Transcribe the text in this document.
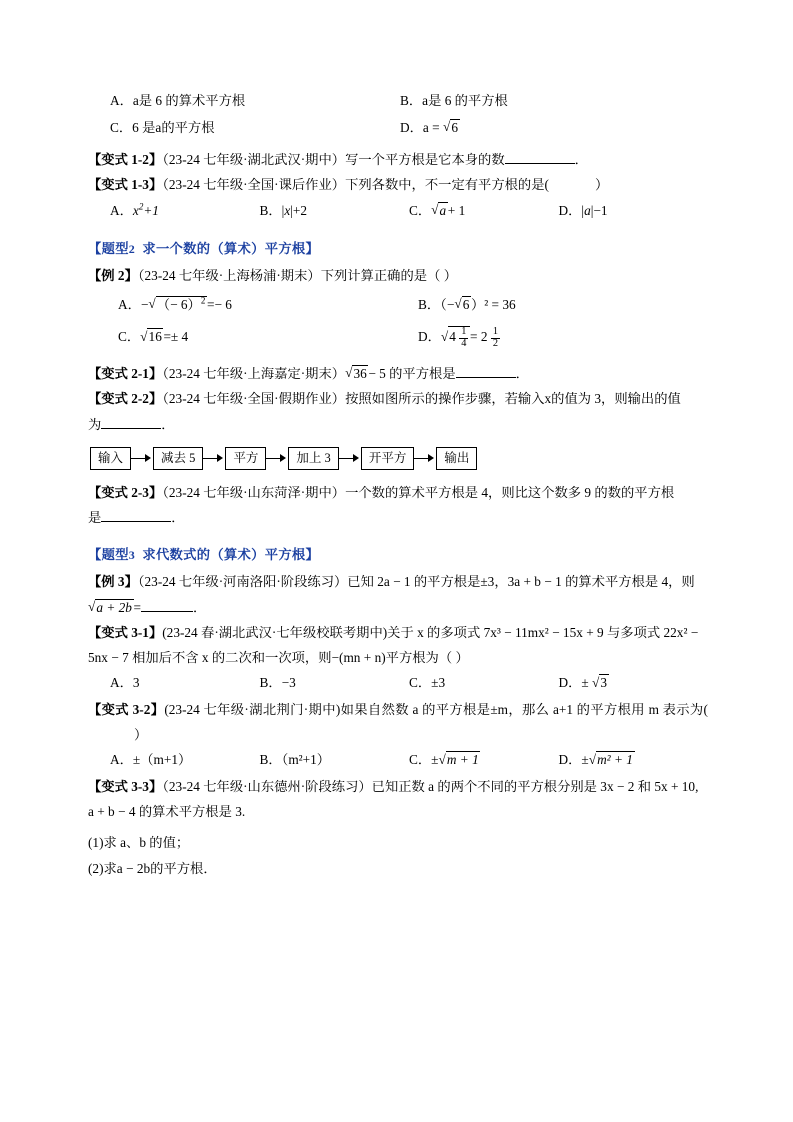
A．a是 6 的算术平方根	B．a是 6 的平方根
C．6 是a的平方根	D．a = √ 6
【变式 1-2】（23-24 七年级·湖北武汉·期中）写一个平方根是它本身的数	．
【变式 1-3】（23-24 七年级·全国·课后作业）下列各数中，不一定有平方根的是(	）
A．$x^2+1$	B．|x|+2	C． √ a + 1	D．|a|−1
【题型2 求一个数的（算术）平方根】
【例 2】（23-24 七年级·上海杨浦·期末）下列计算正确的是（ ）
A．− √ （− 6）$^2$ =− 6	B．（− √ 6 ）² = 36
C． √ 16 =± 4	D． √ $4 \frac{1}{4} = 2 \frac{1}{2}$
【变式 2-1】（23-24 七年级·上海嘉定·期末） √ 36 − 5 的平方根是	．
【变式 2-2】（23-24 七年级·全国·假期作业）按照如图所示的操作步骤，若输入x的值为 3，则输出的值
为	．
输入	减去 5	平方	加上 3	开平方	输出
【变式 2-3】（23-24 七年级·山东菏泽·期中）一个数的算术平方根是 4，则比这个数多 9 的数的平方根
是	．
【题型3 求代数式的（算术）平方根】
【例 3】（23-24 七年级·河南洛阳·阶段练习）已知 2a − 1 的平方根是±3，3a + b − 1 的算术平方根是 4，则
√ a + 2b =	．
【变式 3-1】(23-24 春·湖北武汉·七年级校联考期中)关于 x 的多项式 7x³ − 11mx² − 15x + 9 与多项式 22x² −
5nx − 7 相加后不含 x 的二次和一次项，则−(mn + n)平方根为（ ）
A．3	B．−3	C．±3	D．± √ 3
【变式 3-2】(23-24 七年级·湖北荆门·期中)如果自然数 a 的平方根是±m，那么 a+1 的平方根用 m 表示为(）
A．±（m+1）	B．（m²+1）	C．± √ m + 1	D．± √ m² + 1
【变式 3-3】（23-24 七年级·山东德州·阶段练习）已知正数 a 的两个不同的平方根分别是 3x − 2 和 5x + 10,
a + b − 4 的算术平方根是 3.
(1)求 a、b 的值；
(2)求a − 2b的平方根．
